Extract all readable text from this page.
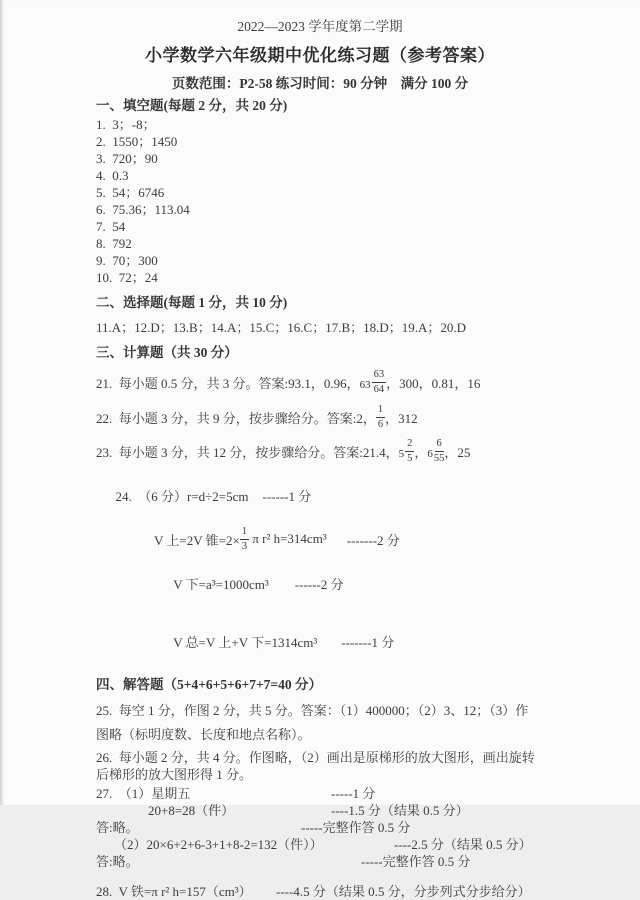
2022—2023 学年度第二学期
小学数学六年级期中优化练习题（参考答案）
页数范围：P2-58 练习时间：90 分钟　满分 100 分
一、填空题(每题 2 分，共 20 分)
1.  3；-8；
2.  1550；1450
3.  720；90
4.  0.3
5.  54；6746
6.  75.36；113.04
7.  54
8.  792
9.  70；300
10.  72；24
二、选择题(每题 1 分，共 10 分)
11.A；12.D；13.B；14.A；15.C；16.C；17.B；18.D；19.A；20.D
三、计算题（共 30 分）
21.  每小题 0.5 分，共 3 分。答案:93.1，0.96， $63 \frac{63}{64}$ ，300，0.81，16
22.  每小题 3 分，共 9 分，按步骤给分。答案:2， $\frac{1}{6}$ ，312
23.  每小题 3 分，共 12 分，按步骤给分。答案:21.4， $5 \frac{2}{5}$ ， $6 \frac{6}{55}$ ，25

24.  （6 分）r=d÷2=5cm ------1 分

V 上=2V 锥$=2\times \frac{1}{3}$ π r² h=314cm³ -------2 分

V 下=a³=1000cm³ ------2 分

V 总=V 上+V 下=1314cm³ -------1 分

四、解答题（5+4+6+5+6+7+7=40 分）
25.  每空 1 分，作图 2 分，共 5 分。答案：（1）400000；（2）3、12；（3）作
图略（标明度数、长度和地点名称）。
26.  每小题 2 分，共 4 分。作图略，（2）画出是原梯形的放大图形，画出旋转
后梯形的放大图形得 1 分。
27.  （1）星期五	-----1 分
20+8=28（件）	----1.5 分（结果 0.5 分）
答:略。	-----完整作答 0.5 分
（2）20×6+2+6-3+1+8-2=132（件））	----2.5 分（结果 0.5 分）
答:略。	-----完整作答 0.5 分
28.  V 铁=π r² h=157（cm³）	----4.5 分（结果 0.5 分，分步列式分步给分）
